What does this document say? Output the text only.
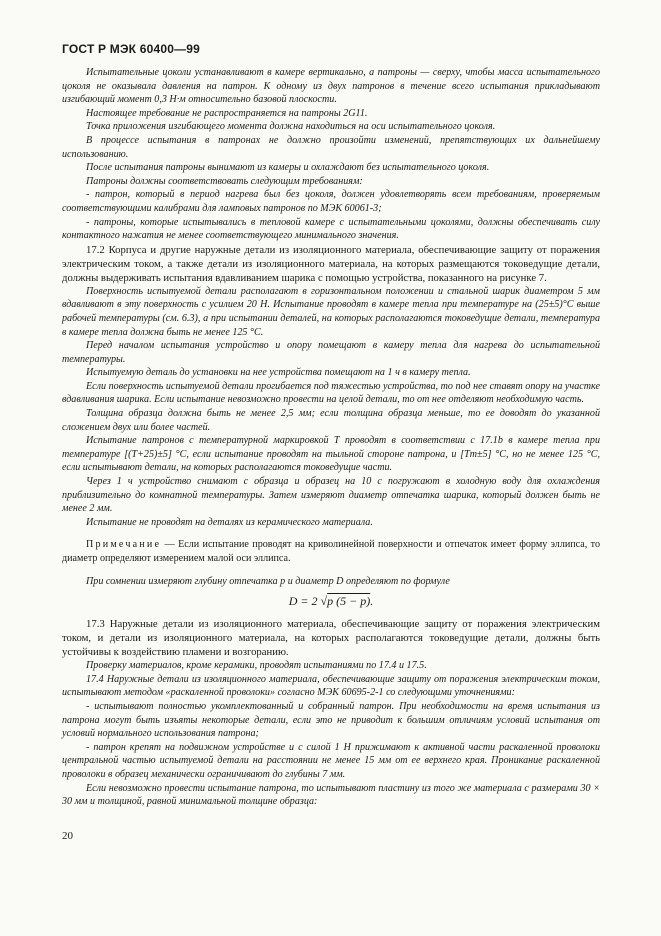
ГОСТ Р МЭК 60400—99

Испытательные цоколи устанавливают в камере вертикально, а патроны — сверху, чтобы масса испытательного цоколя не оказывала давления на патрон. К одному из двух патронов в течение всего испытания прикладывают изгибающий момент 0,3 Н·м относительно базовой плоскости.

Настоящее требование не распространяется на патроны 2G11.

Точка приложения изгибающего момента должна находиться на оси испытательного цоколя.

В процессе испытания в патронах не должно произойти изменений, препятствующих их дальнейшему использованию.

После испытания патроны вынимают из камеры и охлаждают без испытательного цоколя.

Патроны должны соответствовать следующим требованиям:

- патрон, который в период нагрева был без цоколя, должен удовлетворять всем требованиям, проверяемым соответствующими калибрами для ламповых патронов по МЭК 60061-3;

- патроны, которые испытывались в тепловой камере с испытательными цоколями, должны обеспечивать силу контактного нажатия не менее соответствующего минимального значения.

17.2 Корпуса и другие наружные детали из изоляционного материала, обеспечивающие защиту от поражения электрическим током, а также детали из изоляционного материала, на которых размещаются токоведущие детали, должны выдерживать испытания вдавливанием шарика с помощью устройства, показанного на рисунке 7.

Поверхность испытуемой детали располагают в горизонтальном положении и стальной шарик диаметром 5 мм вдавливают в эту поверхность с усилием 20 Н. Испытание проводят в камере тепла при температуре на (25±5)°С выше рабочей температуры (см. 6.3), а при испытании деталей, на которых располагаются токоведущие детали, температура в камере тепла должна быть не менее 125 °С.

Перед началом испытания устройство и опору помещают в камеру тепла для нагрева до испытательной температуры.

Испытуемую деталь до установки на нее устройства помещают на 1 ч в камеру тепла.

Если поверхность испытуемой детали прогибается под тяжестью устройства, то под нее ставят опору на участке вдавливания шарика. Если испытание невозможно провести на целой детали, то от нее отделяют необходимую часть.

Толщина образца должна быть не менее 2,5 мм; если толщина образца меньше, то ее доводят до указанной сложением двух или более частей.

Испытание патронов с температурной маркировкой Т проводят в соответствии с 17.1b в камере тепла при температуре [(Т+25)±5] °С, если испытание проводят на тыльной стороне патрона, и [Тm±5] °С, но не менее 125 °С, если испытывают детали, на которых располагаются токоведущие части.

Через 1 ч устройство снимают с образца и образец на 10 с погружают в холодную воду для охлаждения приблизительно до комнатной температуры. Затем измеряют диаметр отпечатка шарика, который должен быть не менее 2 мм.

Испытание не проводят на деталях из керамического материала.

Примечание — Если испытание проводят на криволинейной поверхности и отпечаток имеет форму эллипса, то диаметр определяют измерением малой оси эллипса.

При сомнении измеряют глубину отпечатка p и диаметр D определяют по формуле

D = 2 √p (5 − p).

17.3 Наружные детали из изоляционного материала, обеспечивающие защиту от поражения электрическим током, и детали из изоляционного материала, на которых располагаются токоведущие детали, должны быть устойчивы к воздействию пламени и возгоранию.

Проверку материалов, кроме керамики, проводят испытаниями по 17.4 и 17.5.

17.4 Наружные детали из изоляционного материала, обеспечивающие защиту от поражения электрическим током, испытывают методом «раскаленной проволоки» согласно МЭК 60695-2-1 со следующими уточнениями:

- испытывают полностью укомплектованный и собранный патрон. При необходимости на время испытания из патрона могут быть изъяты некоторые детали, если это не приводит к большим отличиям условий испытания от условий нормального использования патрона;

- патрон крепят на подвижном устройстве и с силой 1 Н прижимают к активной части раскаленной проволоки центральной частью испытуемой детали на расстоянии не менее 15 мм от ее верхнего края. Проникание раскаленной проволоки в образец механически ограничивают до глубины 7 мм.

Если невозможно провести испытание патрона, то испытывают пластину из того же материала с размерами 30 × 30 мм и толщиной, равной минимальной толщине образца:

20
